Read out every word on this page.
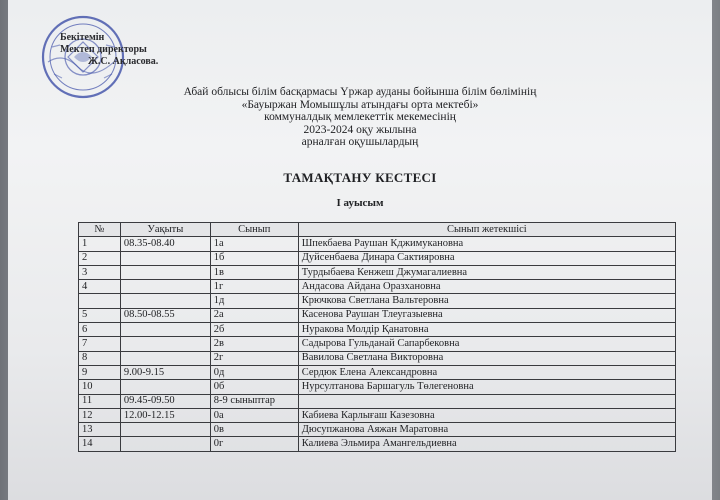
Бекітемін
Мектеп директоры
Ж.С. Ақласова.
Абай облысы білім басқармасы Үржар ауданы бойынша білім бөлімінің
«Бауыржан Момышұлы атындағы орта мектебі»
коммуналдық мемлекеттік мекемесінің
2023-2024 оқу жылына
арналған оқушылардың
ТАМАҚТАНУ КЕСТЕСІ
I ауысым
№	Уақыты	Сынып	Сынып жетекшісі
1	08.35-08.40	1а	Шпекбаева Раушан Кджимукановна
2		1б	Дуйсенбаева Динара Сактияровна
3		1в	Турдыбаева Кенжеш Джумагалиевна
4		1г	Андасова Айдана Оразхановна
		1д	Крючкова Светлана Вальтеровна
5	08.50-08.55	2а	Касенова Раушан Тлеугазыевна
6		2б	Нуракова Молдір Қанатовна
7		2в	Садырова Гульданай Сапарбековна
8		2г	Вавилова Светлана Викторовна
9	9.00-9.15	0д	Сердюк Елена Александровна
10		0б	Нурсултанова Баршагуль Төлегеновна
11	09.45-09.50	8-9 сыныптар	
12	12.00-12.15	0а	Кабиева Карлығаш Казезовна
13		0в	Дюсупжанова Аяжан Маратовна
14		0г	Калиева Эльмира Амангельдиевна
